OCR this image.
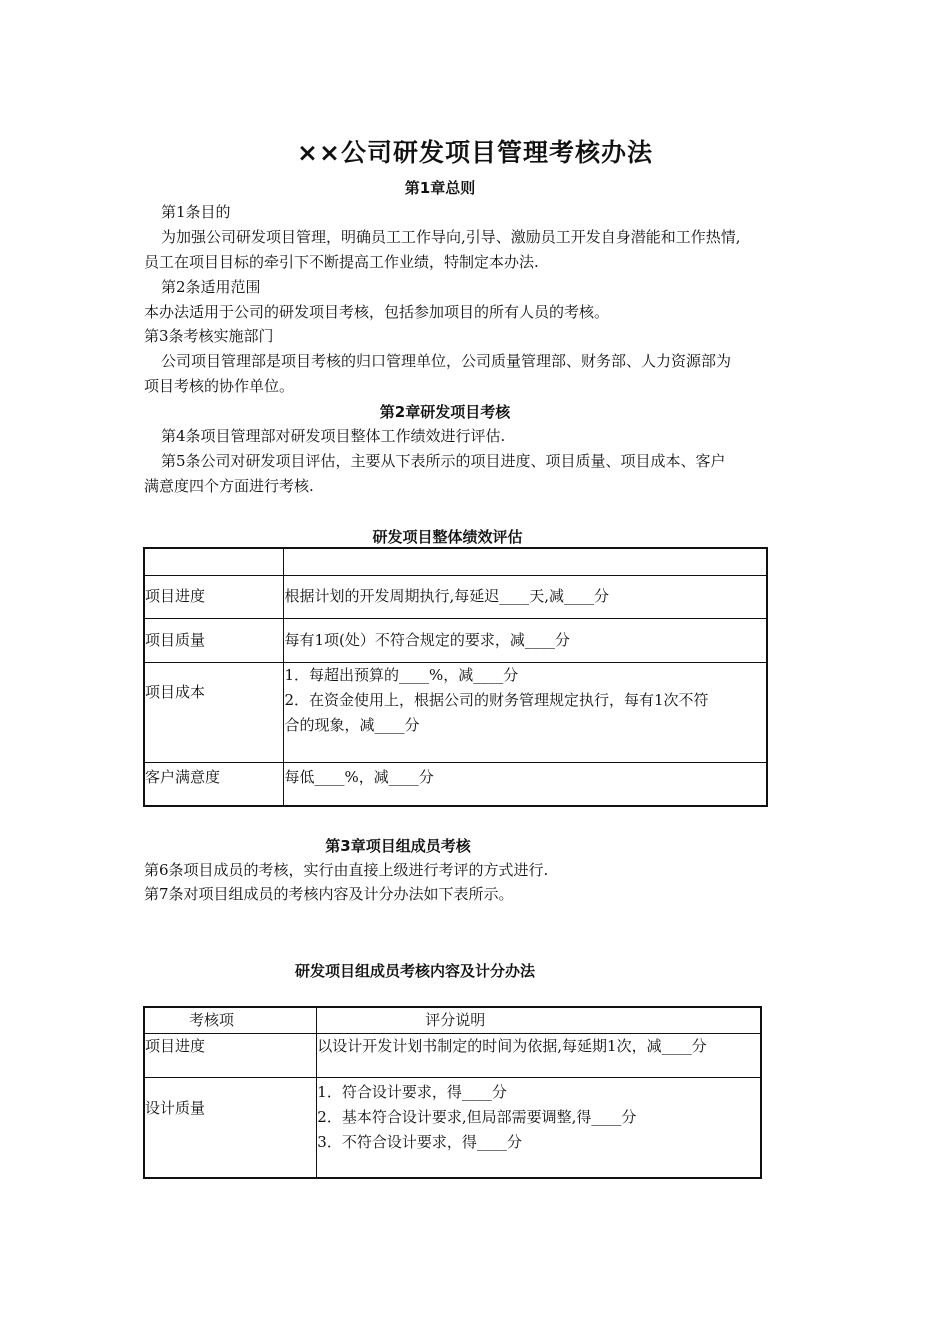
××公司研发项目管理考核办法
第1章总则
第1条目的
为加强公司研发项目管理，明确员工工作导向,引导、激励员工开发自身潜能和工作热情,
员工在项目目标的牵引下不断提高工作业绩，特制定本办法.
第2条适用范围
本办法适用于公司的研发项目考核，包括参加项目的所有人员的考核。
第3条考核实施部门
公司项目管理部是项目考核的归口管理单位，公司质量管理部、财务部、人力资源部为
项目考核的协作单位。
第2章研发项目考核
第4条项目管理部对研发项目整体工作绩效进行评估.
第5条公司对研发项目评估，主要从下表所示的项目进度、项目质量、项目成本、客户
满意度四个方面进行考核.
研发项目整体绩效评估

项目进度	根据计划的开发周期执行,每延迟____天,减____分
项目质量	每有1项(处）不符合规定的要求，减____分
项目成本	1．每超出预算的____%，减____分
2．在资金使用上，根据公司的财务管理规定执行，每有1次不符
合的现象，减____分

客户满意度	每低____%，减____分
第3章项目组成员考核
第6条项目成员的考核，实行由直接上级进行考评的方式进行.
第7条对项目组成员的考核内容及计分办法如下表所示。
研发项目组成员考核内容及计分办法
考核项	评分说明
项目进度	以设计开发计划书制定的时间为依据,每延期1次，减____分
设计质量	1．符合设计要求，得____分
2．基本符合设计要求,但局部需要调整,得____分
3．不符合设计要求，得____分
